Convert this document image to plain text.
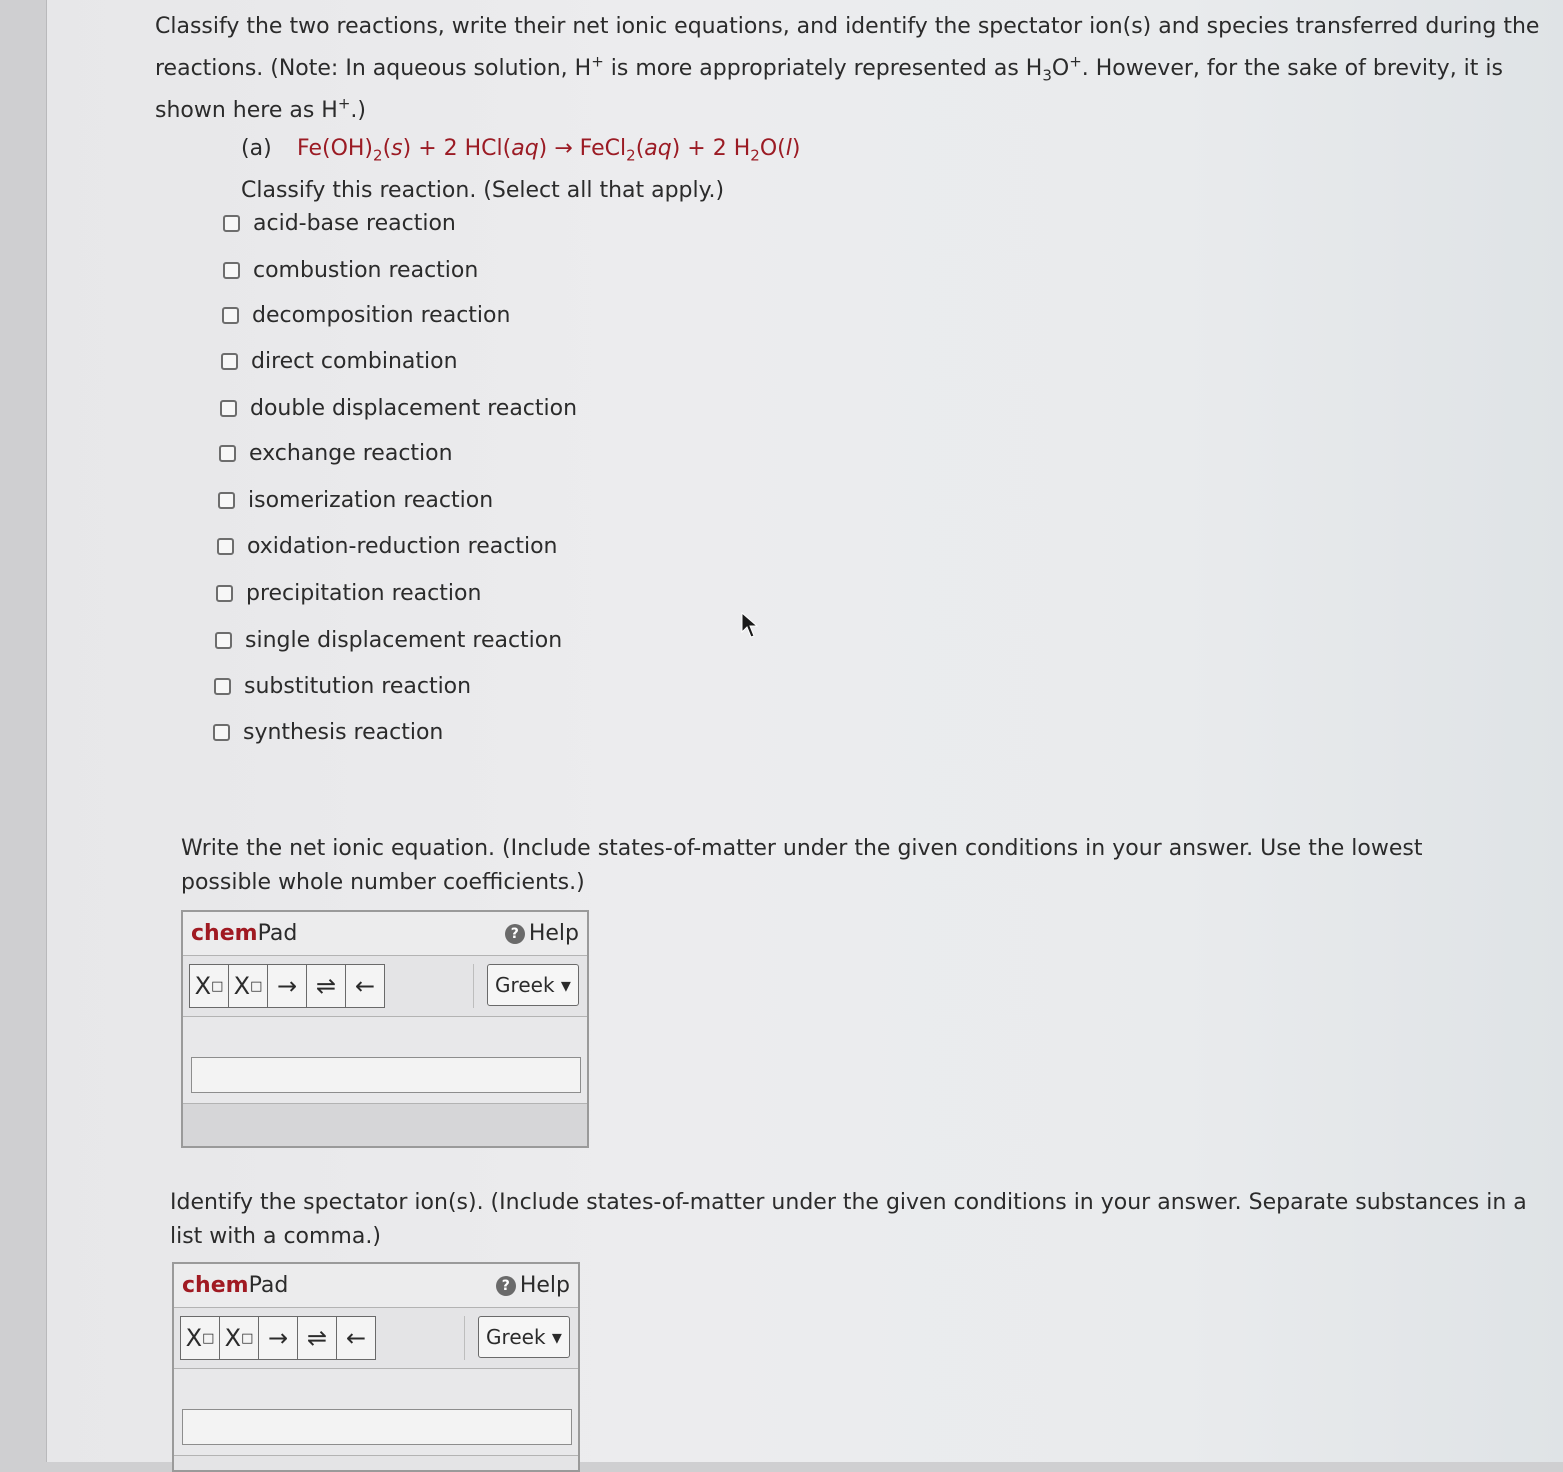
Classify the two reactions, write their net ionic equations, and identify the spectator ion(s) and species transferred during the reactions. (Note: In aqueous solution, H+ is more appropriately represented as $H_3O^+$. However, for the sake of brevity, it is shown here as H+.)
(a) $Fe(OH)_2(s) + 2$ HCl(aq) → FeCl$_2$(aq) + 2 $H_2O(l)$
Classify this reaction. (Select all that apply.)
acid-base reaction
combustion reaction
decomposition reaction
direct combination
double displacement reaction
exchange reaction
isomerization reaction
oxidation-reduction reaction
precipitation reaction
single displacement reaction
substitution reaction
synthesis reaction
Write the net ionic equation. (Include states-of-matter under the given conditions in your answer. Use the lowest possible whole number coefficients.)
chemPad	? Help
X □ X □ → ⇌ ←	Greek
▾
Identify the spectator ion(s). (Include states-of-matter under the given conditions in your answer. Separate substances in a list with a comma.)
chemPad	? Help
X □ X □ → ⇌ ←	Greek
▾
